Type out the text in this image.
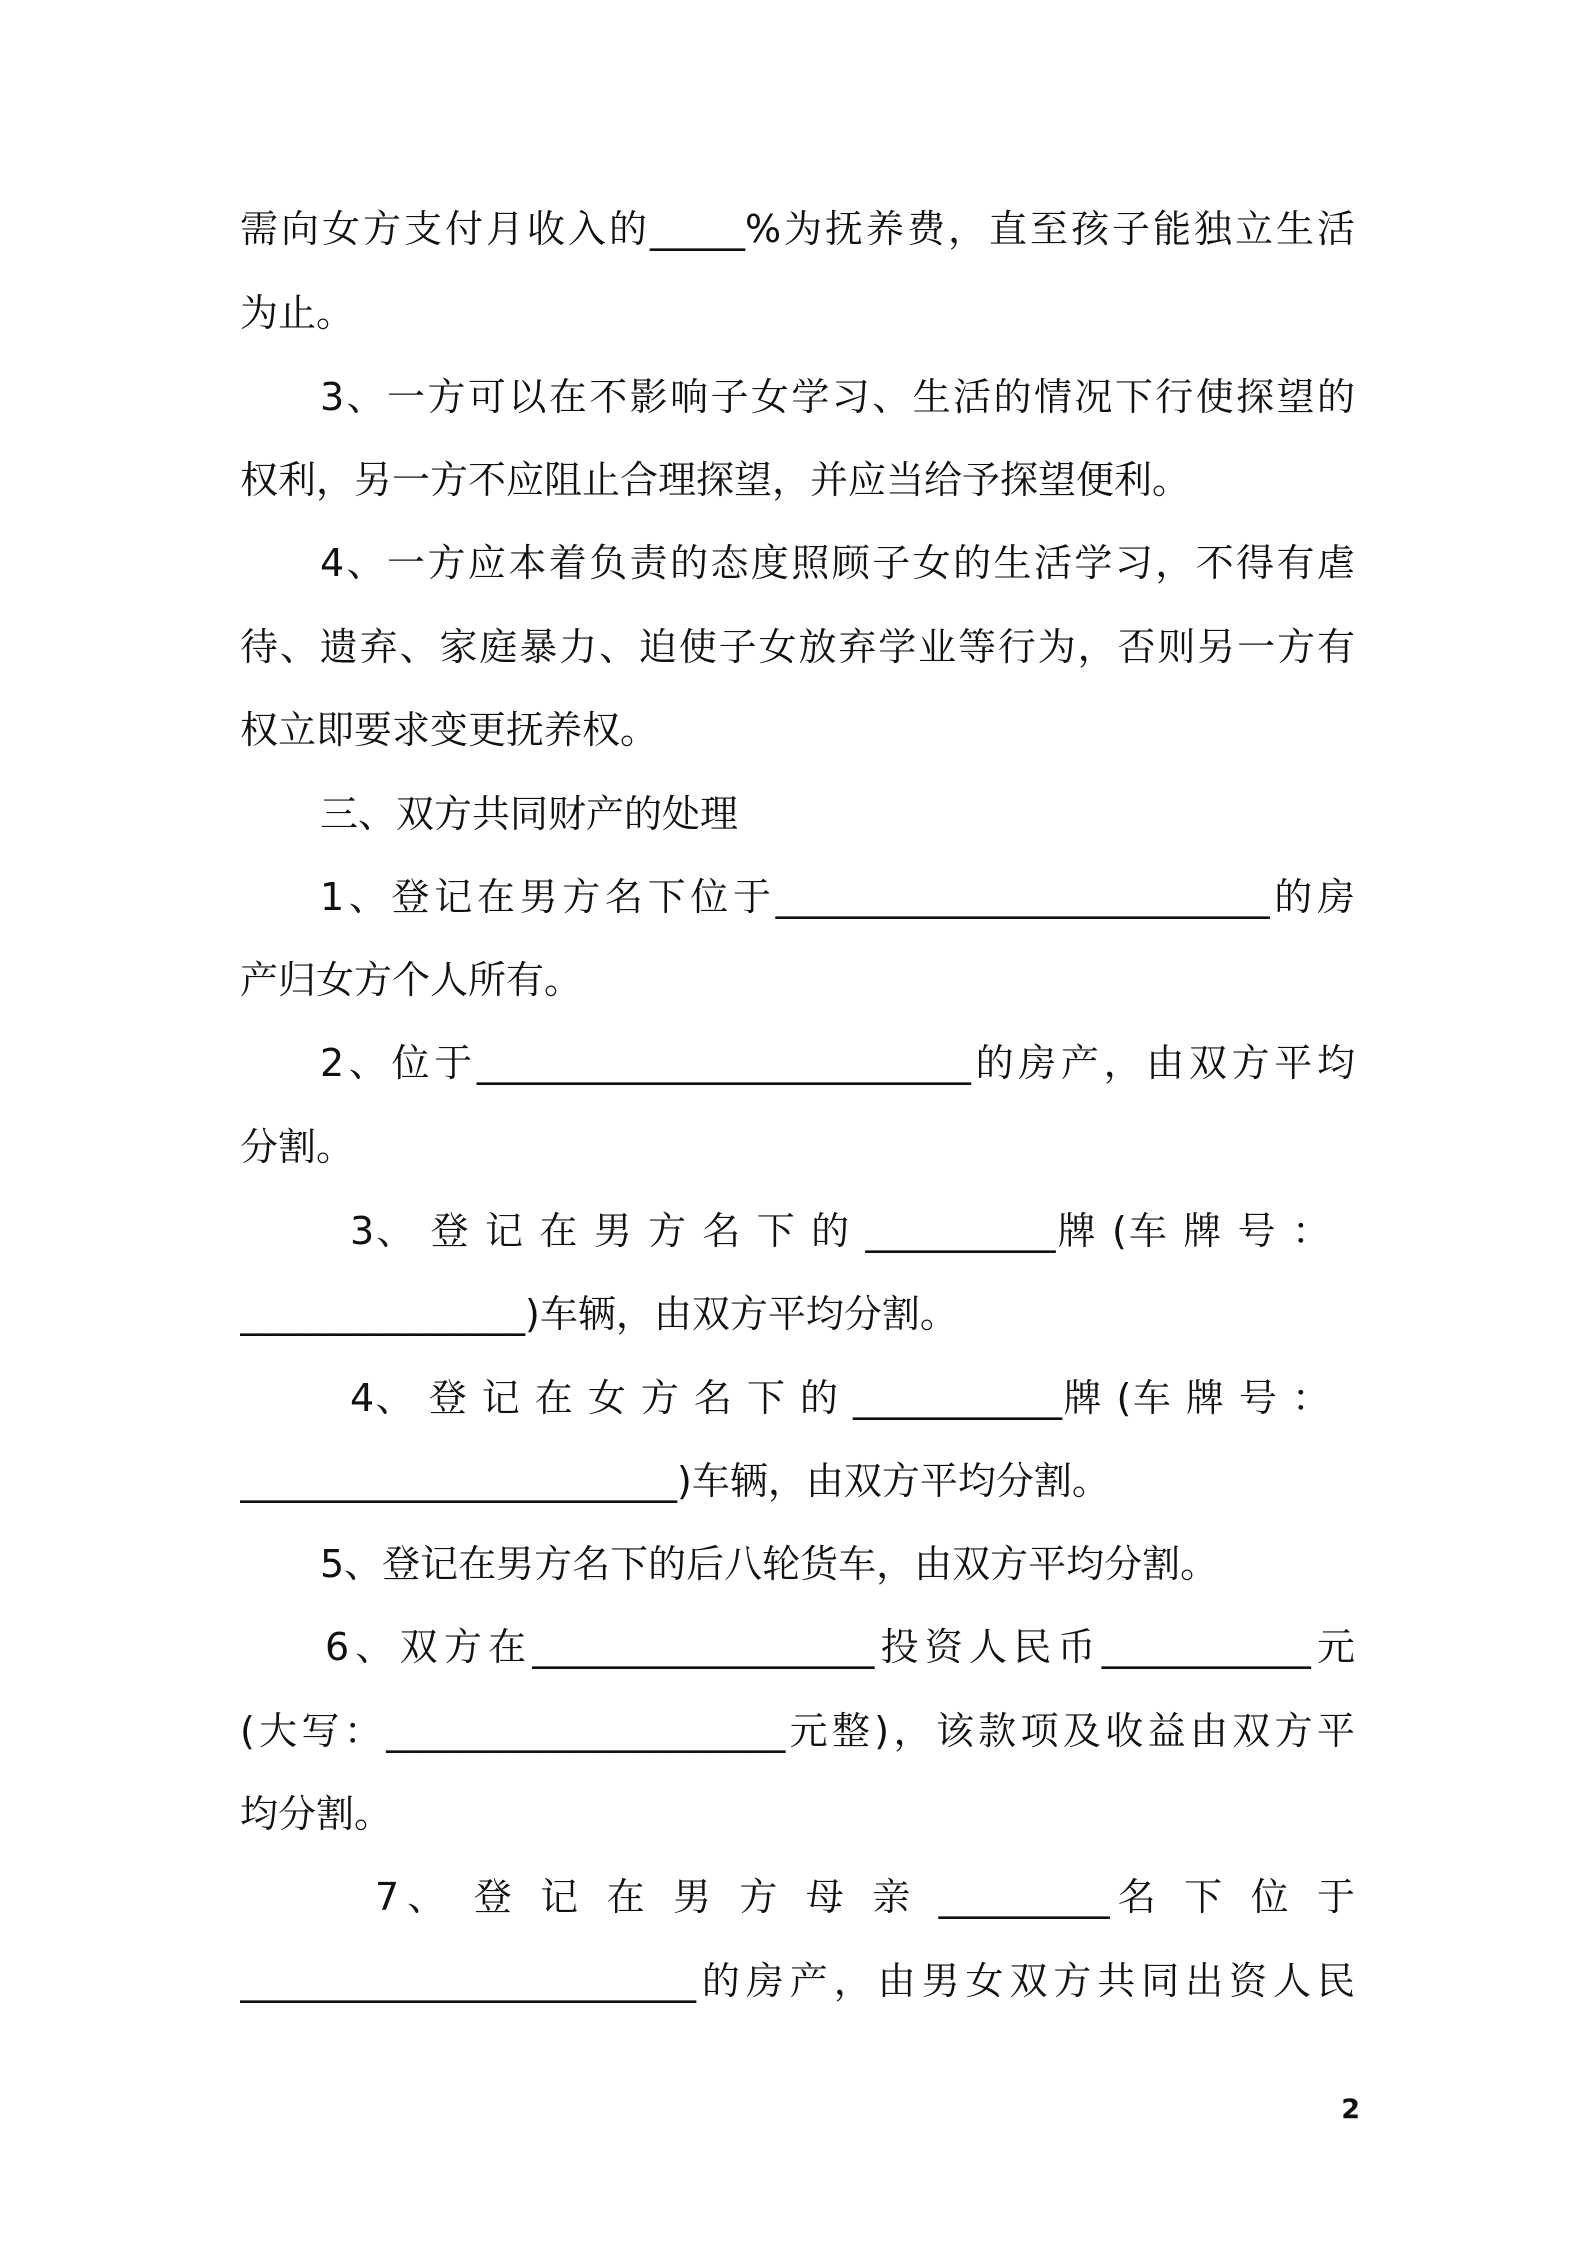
需向女方支付月收入的_____%为抚养费，直至孩子能独立生活
为止。
3、一方可以在不影响子女学习、生活的情况下行使探望的
权利，另一方不应阻止合理探望，并应当给予探望便利。
4、一方应本着负责的态度照顾子女的生活学习，不得有虐
待、遗弃、家庭暴力、迫使子女放弃学业等行为，否则另一方有
权立即要求变更抚养权。
三、双方共同财产的处理
1、登记在男方名下位于__________________________的房
产归女方个人所有。
2、位于__________________________的房产，由双方平均
分割。
3、 登 记 在 男 方 名 下 的 __________牌 (车 牌 号 ：
_______________)车辆，由双方平均分割。
4、 登 记 在 女 方 名 下 的 ___________牌 (车 牌 号 ：
_______________________)车辆，由双方平均分割。
5、登记在男方名下的后八轮货车，由双方平均分割。
6、双方在__________________投资人民币___________元
(大写：_____________________元整)，该款项及收益由双方平
均分割。
7、 登 记 在 男 方 母 亲 _________名 下 位 于
________________________的房产，由男女双方共同出资人民
2
